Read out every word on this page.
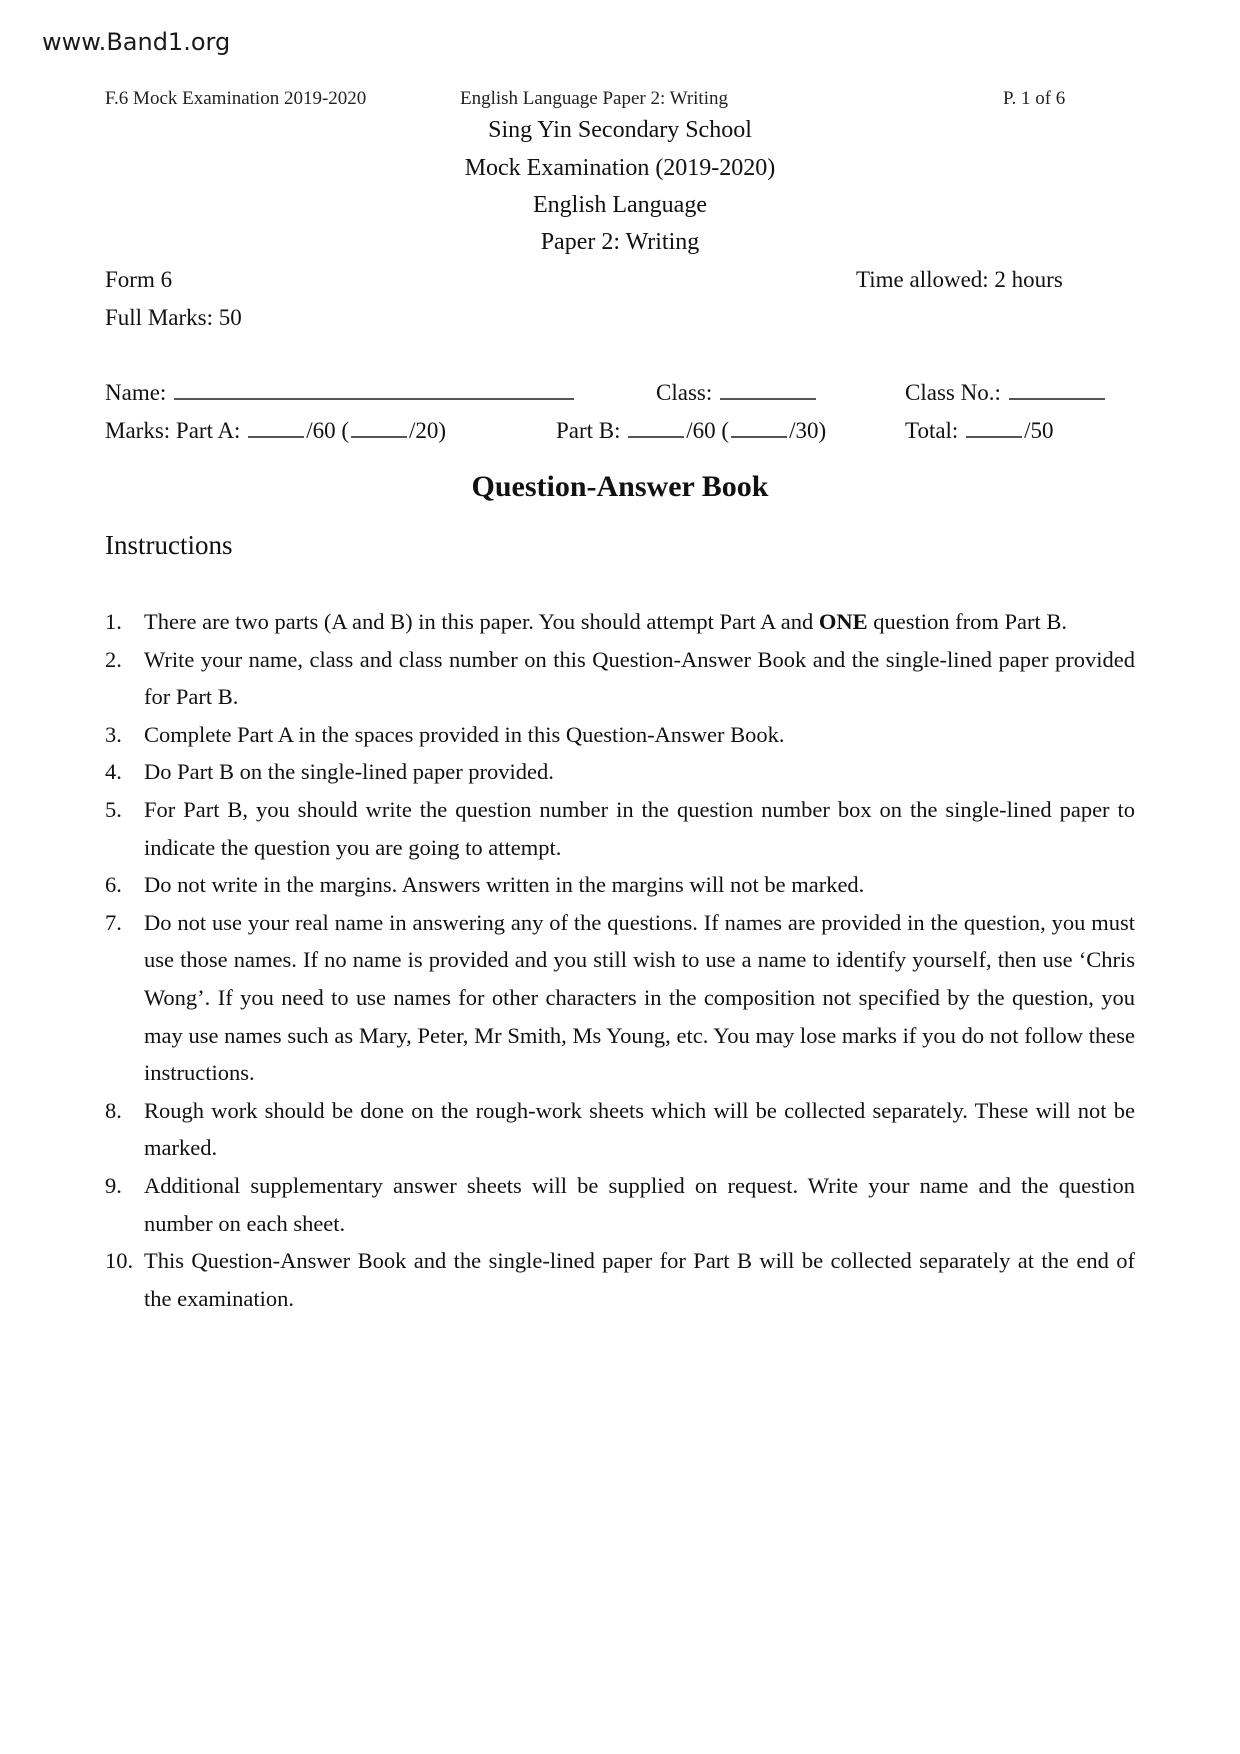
www.Band1.org
F.6 Mock Examination 2019-2020	English Language Paper 2: Writing	P. 1 of 6
Sing Yin Secondary School
Mock Examination (2019-2020)
English Language
Paper 2: Writing
Form 6	Time allowed: 2 hours
Full Marks: 50
Name:	Class:	Class No.:
Marks: Part A:	/60 (	/20)	Part B:	/60 (	/30)	Total:	/50
Question-Answer Book
Instructions
1. There are two parts (A and B) in this paper. You should attempt Part A and ONE question from Part B.
2. Write your name, class and class number on this Question-Answer Book and the single-lined paper provided for Part B.
3. Complete Part A in the spaces provided in this Question-Answer Book.
4. Do Part B on the single-lined paper provided.
5. For Part B, you should write the question number in the question number box on the single-lined paper to indicate the question you are going to attempt.
6. Do not write in the margins. Answers written in the margins will not be marked.
7. Do not use your real name in answering any of the questions. If names are provided in the question, you must use those names. If no name is provided and you still wish to use a name to identify yourself, then use ‘Chris Wong’. If you need to use names for other characters in the composition not specified by the question, you may use names such as Mary, Peter, Mr Smith, Ms Young, etc. You may lose marks if you do not follow these instructions.
8. Rough work should be done on the rough-work sheets which will be collected separately. These will not be marked.
9. Additional supplementary answer sheets will be supplied on request. Write your name and the question number on each sheet.
10. This Question-Answer Book and the single-lined paper for Part B will be collected separately at the end of the examination.
